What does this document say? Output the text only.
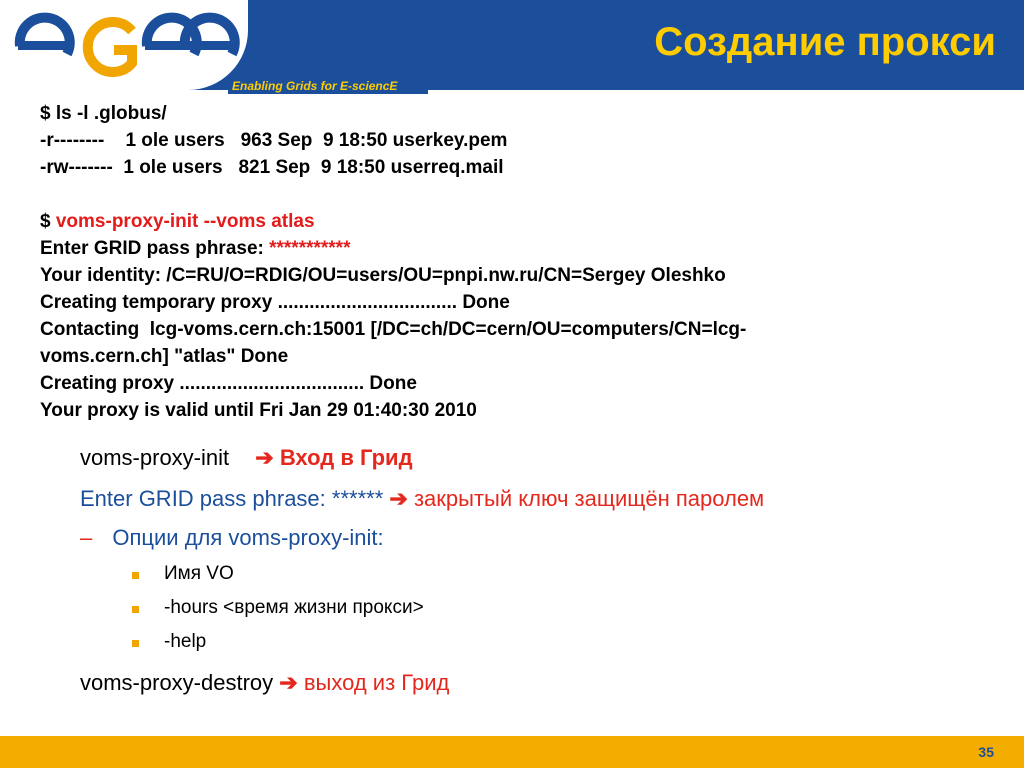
Создание прокси
Enabling Grids for E-sciencE
$ ls -l .globus/
-r--------    1 ole users   963 Sep  9 18:50 userkey.pem
-rw-------  1 ole users   821 Sep  9 18:50 userreq.mail
$ voms-proxy-init --voms atlas
Enter GRID pass phrase: ***********
Your identity: /C=RU/O=RDIG/OU=users/OU=pnpi.nw.ru/CN=Sergey Oleshko
Creating temporary proxy .................................. Done
Contacting  lcg-voms.cern.ch:15001 [/DC=ch/DC=cern/OU=computers/CN=lcg-
voms.cern.ch] "atlas" Done
Creating proxy ................................... Done
Your proxy is valid until Fri Jan 29 01:40:30 2010
voms-proxy-init ➔ Вход в Грид
Enter GRID pass phrase: ****** ➔ закрытый ключ защищён паролем
– Опции для voms-proxy-init:
Имя VO
-hours <время жизни прокси>
-help
voms-proxy-destroy ➔ выход из Грид
35
